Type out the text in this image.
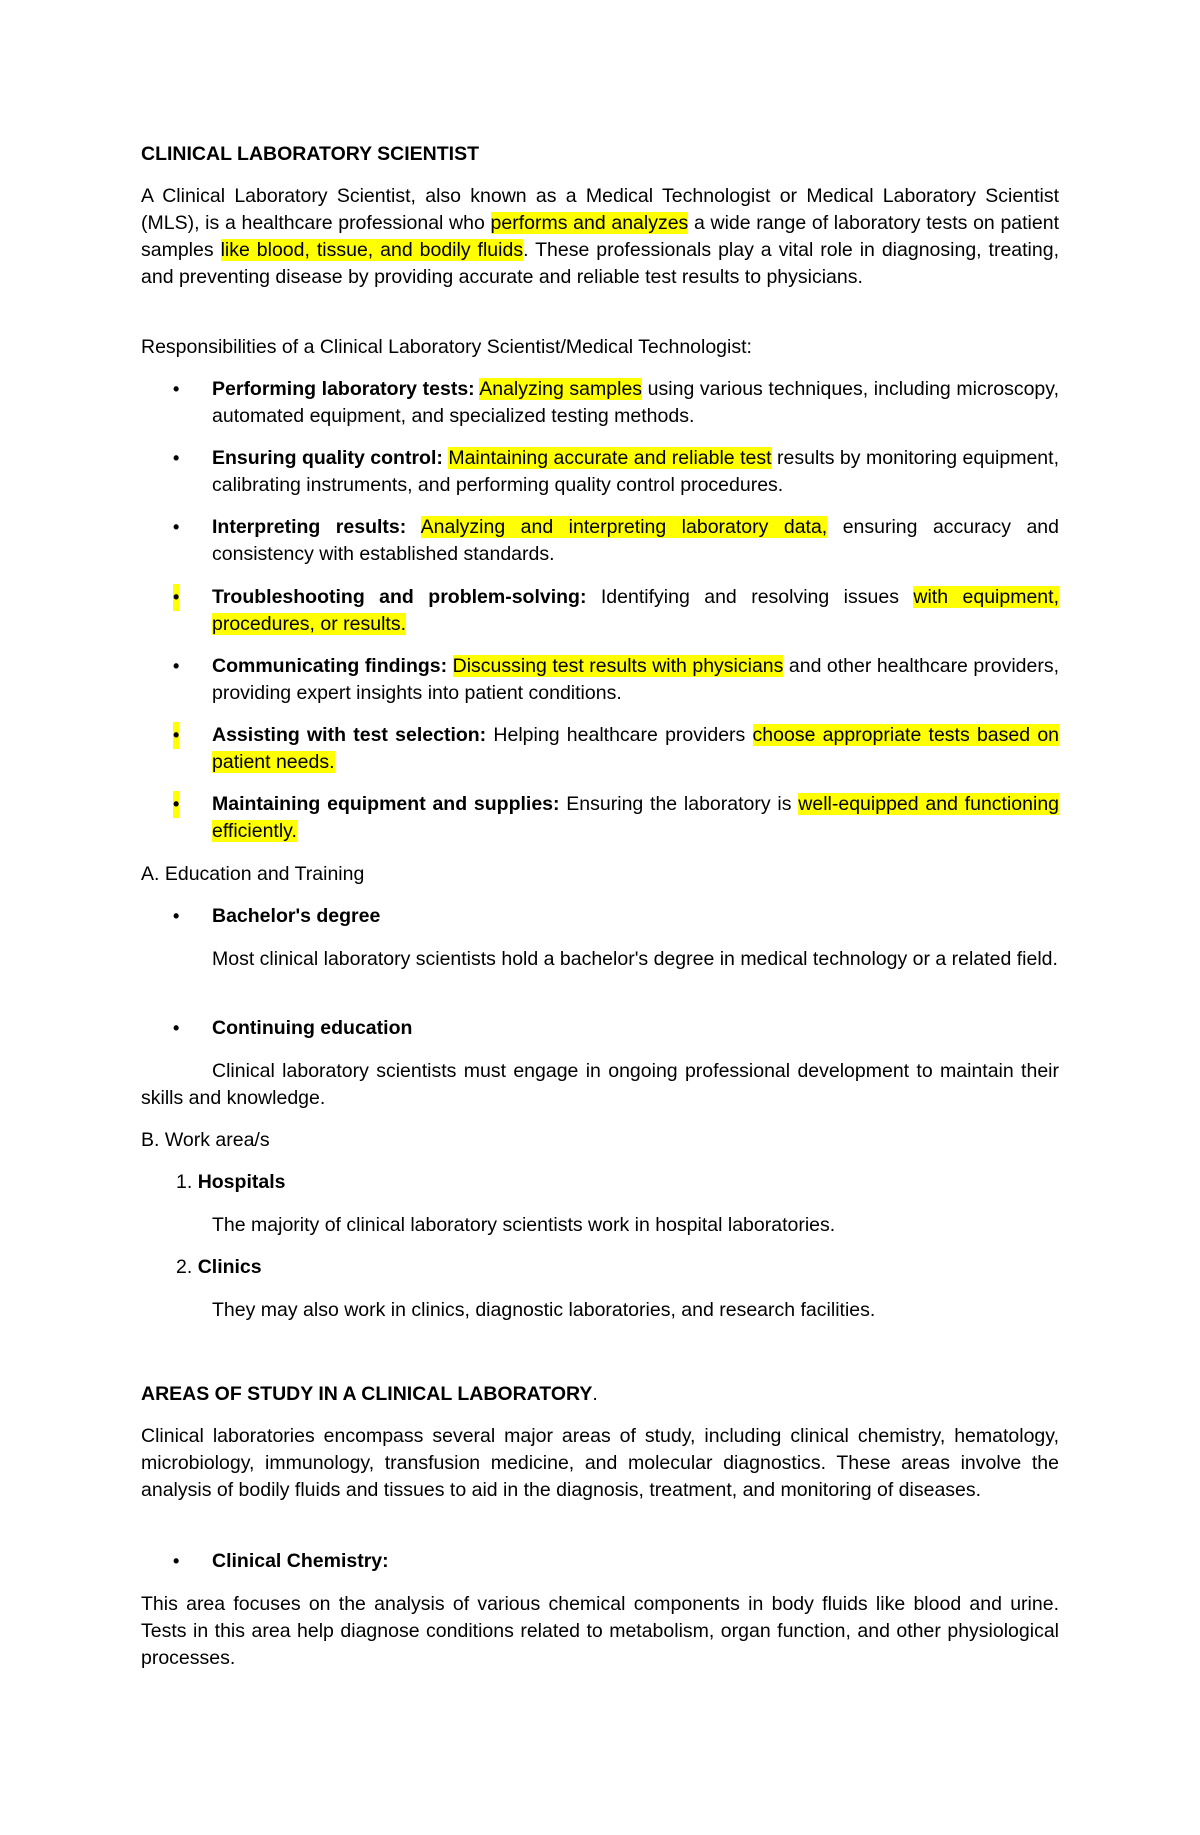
CLINICAL LABORATORY SCIENTIST

A Clinical Laboratory Scientist, also known as a Medical Technologist or Medical Laboratory Scientist (MLS), is a healthcare professional who performs and analyzes a wide range of laboratory tests on patient samples like blood, tissue, and bodily fluids. These professionals play a vital role in diagnosing, treating, and preventing disease by providing accurate and reliable test results to physicians.

Responsibilities of a Clinical Laboratory Scientist/Medical Technologist:

• Performing laboratory tests: Analyzing samples using various techniques, including microscopy, automated equipment, and specialized testing methods.

• Ensuring quality control: Maintaining accurate and reliable test results by monitoring equipment, calibrating instruments, and performing quality control procedures.

• Interpreting results: Analyzing and interpreting laboratory data, ensuring accuracy and consistency with established standards.

• Troubleshooting and problem-solving: Identifying and resolving issues with equipment, procedures, or results.

• Communicating findings: Discussing test results with physicians and other healthcare providers, providing expert insights into patient conditions.

• Assisting with test selection: Helping healthcare providers choose appropriate tests based on patient needs.

• Maintaining equipment and supplies: Ensuring the laboratory is well-equipped and functioning efficiently.

A. Education and Training

• Bachelor's degree

Most clinical laboratory scientists hold a bachelor's degree in medical technology or a related field.

• Continuing education

Clinical laboratory scientists must engage in ongoing professional development to maintain their skills and knowledge.

B. Work area/s

1. Hospitals

The majority of clinical laboratory scientists work in hospital laboratories.

2. Clinics

They may also work in clinics, diagnostic laboratories, and research facilities.

AREAS OF STUDY IN A CLINICAL LABORATORY.

Clinical laboratories encompass several major areas of study, including clinical chemistry, hematology, microbiology, immunology, transfusion medicine, and molecular diagnostics. These areas involve the analysis of bodily fluids and tissues to aid in the diagnosis, treatment, and monitoring of diseases.

• Clinical Chemistry:

This area focuses on the analysis of various chemical components in body fluids like blood and urine. Tests in this area help diagnose conditions related to metabolism, organ function, and other physiological processes.
